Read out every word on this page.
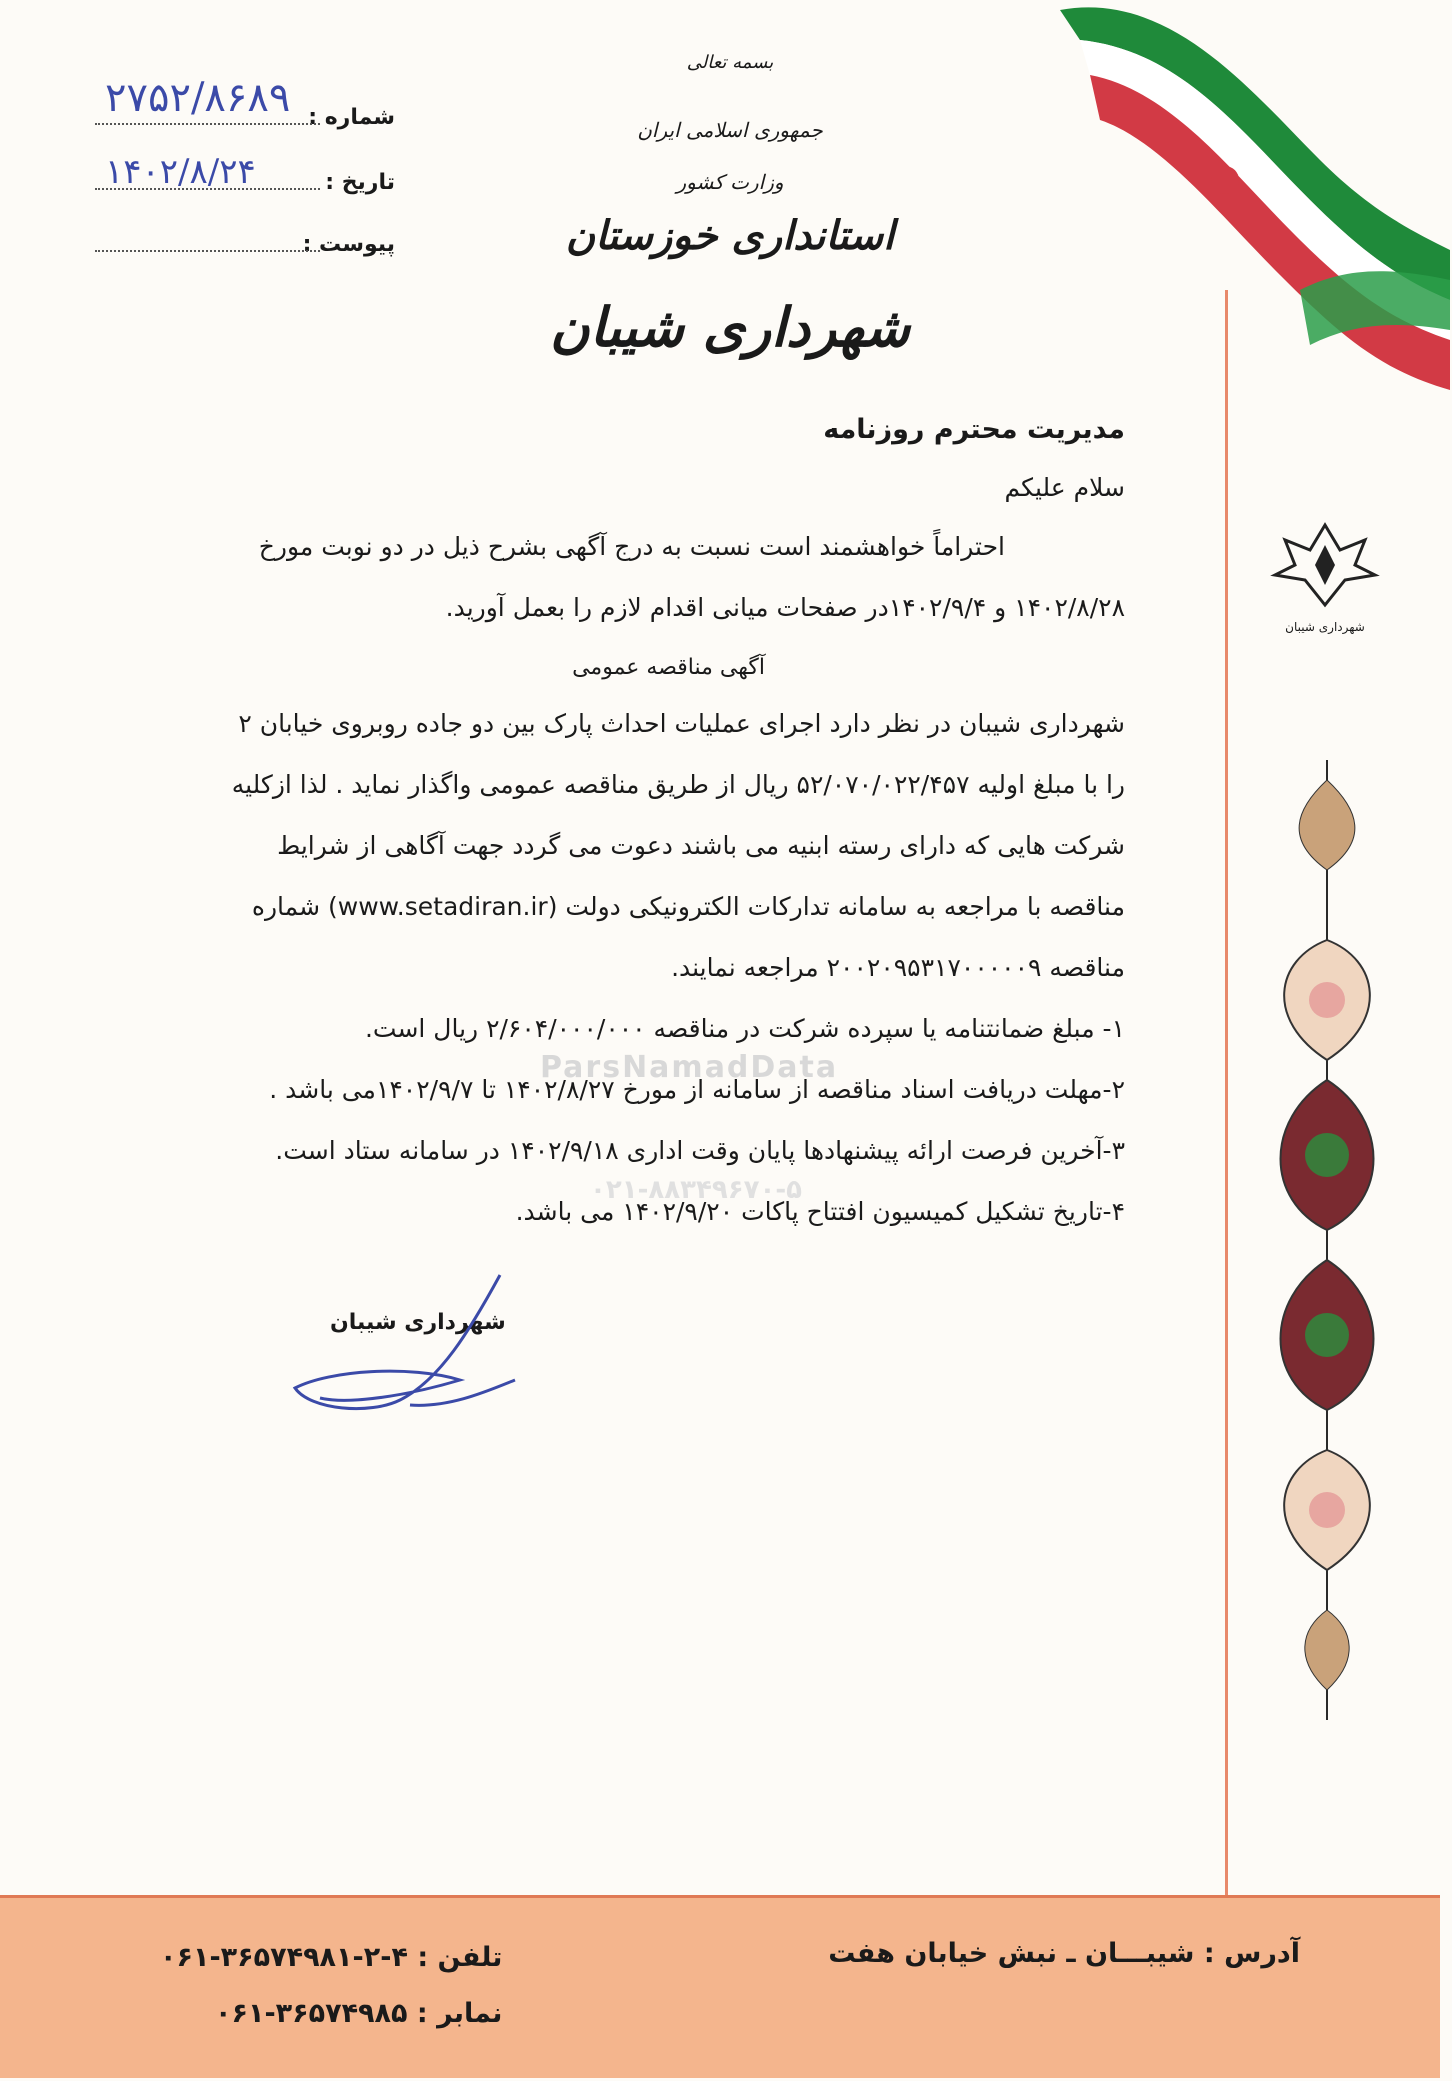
شهرداری شیبان
شماره :
۲۷۵۲/۸۶۸۹
تاریخ :
۱۴۰۲/۸/۲۴
پیوست :
بسمه تعالی
جمهوری اسلامی ایران
وزارت کشور
استانداری خوزستان
شهرداری شیبان
ParsNamadData
۰۲۱-۸۸۳۴۹۶۷۰-۵

مدیریت محترم روزنامه

سلام علیکم

احتراماً خواهشمند است نسبت به درج آگهی بشرح ذیل در دو نوبت مورخ

۱۴۰۲/۸/۲۸ و ۱۴۰۲/۹/۴در صفحات میانی اقدام لازم را بعمل آورید.

آگهی مناقصه عمومی

شهرداری شیبان در نظر دارد اجرای عملیات احداث پارک بین دو جاده روبروی خیابان ۲

را با مبلغ اولیه ۵۲/۰۷۰/۰۲۲/۴۵۷ ریال از طریق مناقصه عمومی واگذار نماید . لذا ازکلیه

شرکت هایی که دارای رسته ابنیه می باشند دعوت می گردد جهت آگاهی از شرایط

مناقصه با مراجعه به سامانه تدارکات الکترونیکی دولت (www.setadiran.ir) شماره

مناقصه ۲۰۰۲۰۹۵۳۱۷۰۰۰۰۰۹ مراجعه نمایند.

۱- مبلغ ضمانتنامه یا سپرده شرکت در مناقصه ۲/۶۰۴/۰۰۰/۰۰۰ ریال است.

۲-مهلت دریافت اسناد مناقصه از سامانه از مورخ ۱۴۰۲/۸/۲۷ تا ۱۴۰۲/۹/۷می باشد .

۳-آخرین فرصت ارائه پیشنهادها پایان وقت اداری ۱۴۰۲/۹/۱۸ در سامانه ستاد است.

۴-تاریخ تشکیل کمیسیون افتتاح پاکات ۱۴۰۲/۹/۲۰ می باشد.

شهرداری شیبان
آدرس : شیبـــان ـ نبش خیابان هفت
تلفن : ۴-۲-۳۶۵۷۴۹۸۱-۰۶۱
نمابر : ۳۶۵۷۴۹۸۵-۰۶۱
